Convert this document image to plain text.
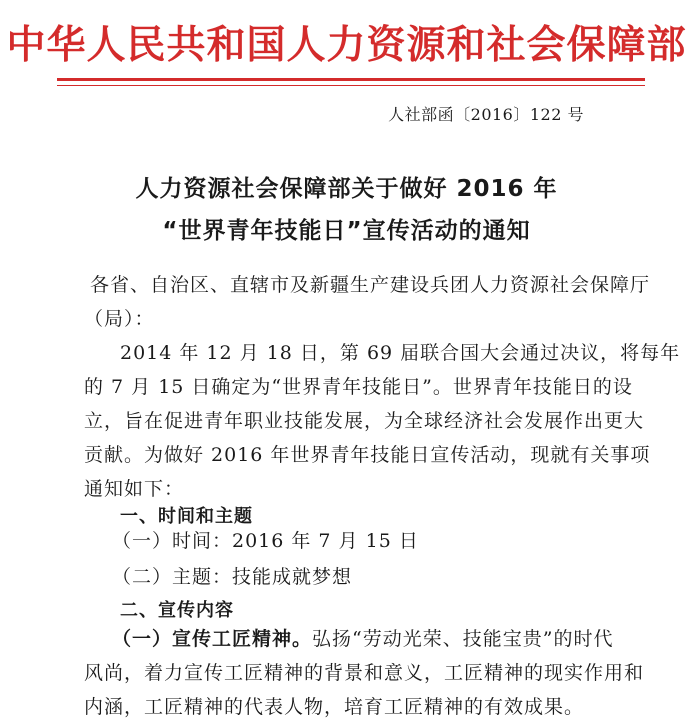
中华人民共和国人力资源和社会保障部
人社部函〔2016〕122 号
人力资源社会保障部关于做好 2016 年
“世界青年技能日”宣传活动的通知
各省、自治区、直辖市及新疆生产建设兵团人力资源社会保障厅
（局）：
2014 年 12 月 18 日，第 69 届联合国大会通过决议，将每年
的 7 月 15 日确定为“世界青年技能日”。世界青年技能日的设
立，旨在促进青年职业技能发展，为全球经济社会发展作出更大
贡献。为做好 2016 年世界青年技能日宣传活动，现就有关事项
通知如下：
一、时间和主题
（一）时间：2016 年 7 月 15 日
（二）主题：技能成就梦想
二、宣传内容
（一）宣传工匠精神。弘扬“劳动光荣、技能宝贵”的时代
风尚，着力宣传工匠精神的背景和意义，工匠精神的现实作用和
内涵，工匠精神的代表人物，培育工匠精神的有效成果。
